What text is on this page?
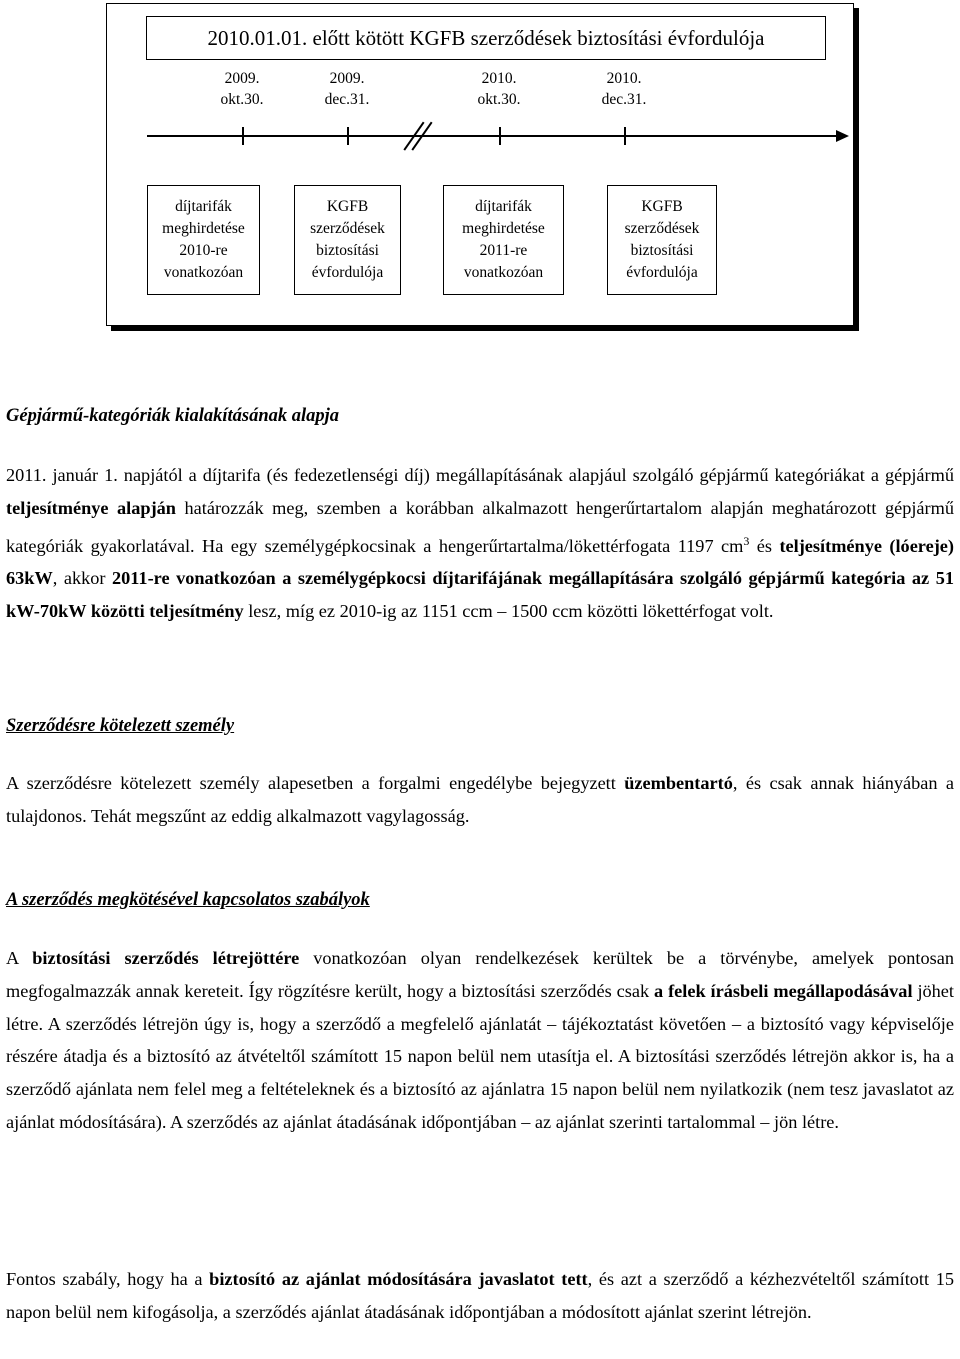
2010.01.01. előtt kötött KGFB szerződések biztosítási évfordulója
2009.
okt.30.
2009.
dec.31.
2010.
okt.30.
2010.
dec.31.
díjtarifák
meghirdetése
2010-re
vonatkozóan
KGFB
szerződések
biztosítási
évfordulója
díjtarifák
meghirdetése
2011-re
vonatkozóan
KGFB
szerződések
biztosítási
évfordulója
Gépjármű-kategóriák kialakításának alapja
2011. január 1. napjától a díjtarifa (és fedezetlenségi díj) megállapításának alapjául szolgáló gépjármű kategóriákat a gépjármű teljesítménye alapján határozzák meg, szemben a korábban alkalmazott hengerűrtartalom alapján meghatározott gépjármű kategóriák gyakorlatával. Ha egy személygépkocsinak a hengerűrtartalma/lökettérfogata 1197 $cm^3$ és teljesítménye (lóereje) 63kW, akkor 2011-re vonatkozóan a személygépkocsi díjtarifájának megállapítására szolgáló gépjármű kategória az 51 kW-70kW közötti teljesítmény lesz, míg ez 2010-ig az 1151 ccm – 1500 ccm közötti lökettérfogat volt.
Szerződésre kötelezett személy
A szerződésre kötelezett személy alapesetben a forgalmi engedélybe bejegyzett üzembentartó, és csak annak hiányában a tulajdonos. Tehát megszűnt az eddig alkalmazott vagylagosság.
A szerződés megkötésével kapcsolatos szabályok
A biztosítási szerződés létrejöttére vonatkozóan olyan rendelkezések kerültek be a törvénybe, amelyek pontosan megfogalmazzák annak kereteit. Így rögzítésre került, hogy a biztosítási szerződés csak a felek írásbeli megállapodásával jöhet létre. A szerződés létrejön úgy is, hogy a szerződő a megfelelő ajánlatát – tájékoztatást követően – a biztosító vagy képviselője részére átadja és a biztosító az átvételtől számított 15 napon belül nem utasítja el. A biztosítási szerződés létrejön akkor is, ha a szerződő ajánlata nem felel meg a feltételeknek és a biztosító az ajánlatra 15 napon belül nem nyilatkozik (nem tesz javaslatot az ajánlat módosítására). A szerződés az ajánlat átadásának időpontjában – az ajánlat szerinti tartalommal – jön létre.
Fontos szabály, hogy ha a biztosító az ajánlat módosítására javaslatot tett, és azt a szerződő a kézhezvételtől számított 15 napon belül nem kifogásolja, a szerződés ajánlat átadásának időpontjában a módosított ajánlat szerint létrejön.
